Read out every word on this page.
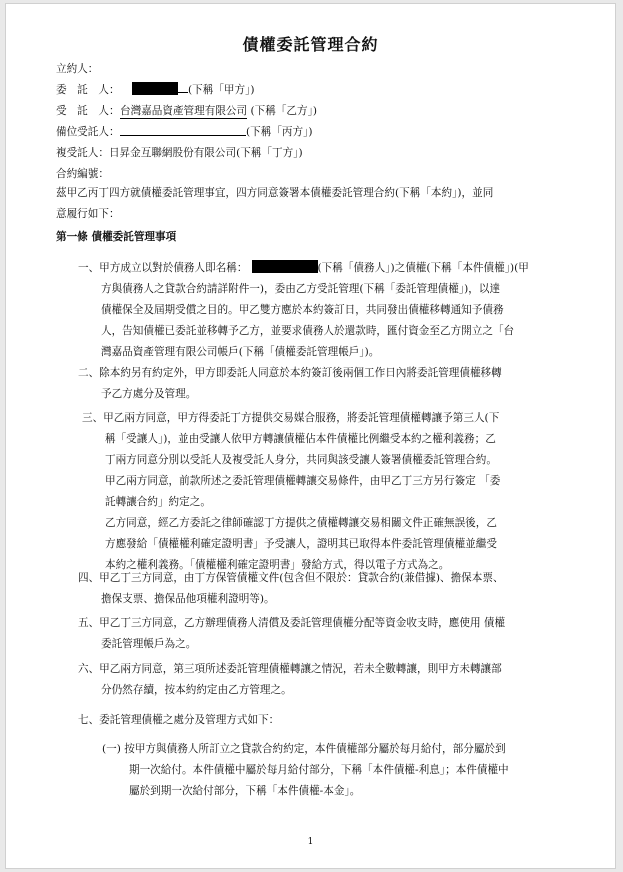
債權委託管理合約
立約人：
委　託　人：	(下稱「甲方」)
受　託　人：台灣嘉品資產管理有限公司 (下稱「乙方」)
備位受託人：	(下稱「丙方」)
複受託人：日昇金互聯網股份有限公司(下稱「丁方」)
合約編號：
茲甲乙丙丁四方就債權委託管理事宜，四方同意簽署本債權委託管理合約(下稱「本約」)，並同
意履行如下：
第一條 債權委託管理事項
一、甲方成立以對於債務人即名稱：	(下稱「債務人」)之債權(下稱「本件債權」)(甲
方與債務人之貸款合約請詳附件一)，委由乙方受託管理(下稱「委託管理債權」)，以達
債權保全及屆期受償之目的。甲乙雙方應於本約簽訂日，共同發出債權移轉通知予債務
人，告知債權已委託並移轉予乙方，並要求債務人於還款時，匯付資金至乙方開立之「台
灣嘉品資產管理有限公司帳戶(下稱「債權委託管理帳戶」)。
二、除本約另有約定外，甲方即委託人同意於本約簽訂後兩個工作日內將委託管理債權移轉
予乙方處分及管理。
三、甲乙兩方同意，甲方得委託丁方提供交易媒合服務，將委託管理債權轉讓予第三人(下
稱「受讓人」)，並由受讓人依甲方轉讓債權佔本件債權比例繼受本約之權利義務；乙
丁兩方同意分別以受託人及複受託人身分，共同與該受讓人簽署債權委託管理合約。
甲乙兩方同意，前款所述之委託管理債權轉讓交易條件，由甲乙丁三方另行簽定 「委
託轉讓合約」約定之。
乙方同意，經乙方委託之律師確認丁方提供之債權轉讓交易相關文件正確無誤後，乙
方應發給「債權權利確定證明書」予受讓人，證明其已取得本件委託管理債權並繼受
本約之權利義務。「債權權利確定證明書」發給方式，得以電子方式為之。
四、甲乙丁三方同意，由丁方保管債權文件(包含但不限於：貸款合約(兼借據)、擔保本票、
擔保支票、擔保品他項權利證明等)。
五、甲乙丁三方同意，乙方辦理債務人清償及委託管理債權分配等資金收支時，應使用 債權
委託管理帳戶為之。
六、甲乙兩方同意，第三項所述委託管理債權轉讓之情況，若未全數轉讓，則甲方未轉讓部
分仍然存續，按本約約定由乙方管理之。
七、委託管理債權之處分及管理方式如下：
(一) 按甲方與債務人所訂立之貸款合約約定，本件債權部分屬於每月給付，部分屬於到
期一次給付。本件債權中屬於每月給付部分，下稱「本件債權-利息」；本件債權中
屬於到期一次給付部分，下稱「本件債權-本金」。
1
